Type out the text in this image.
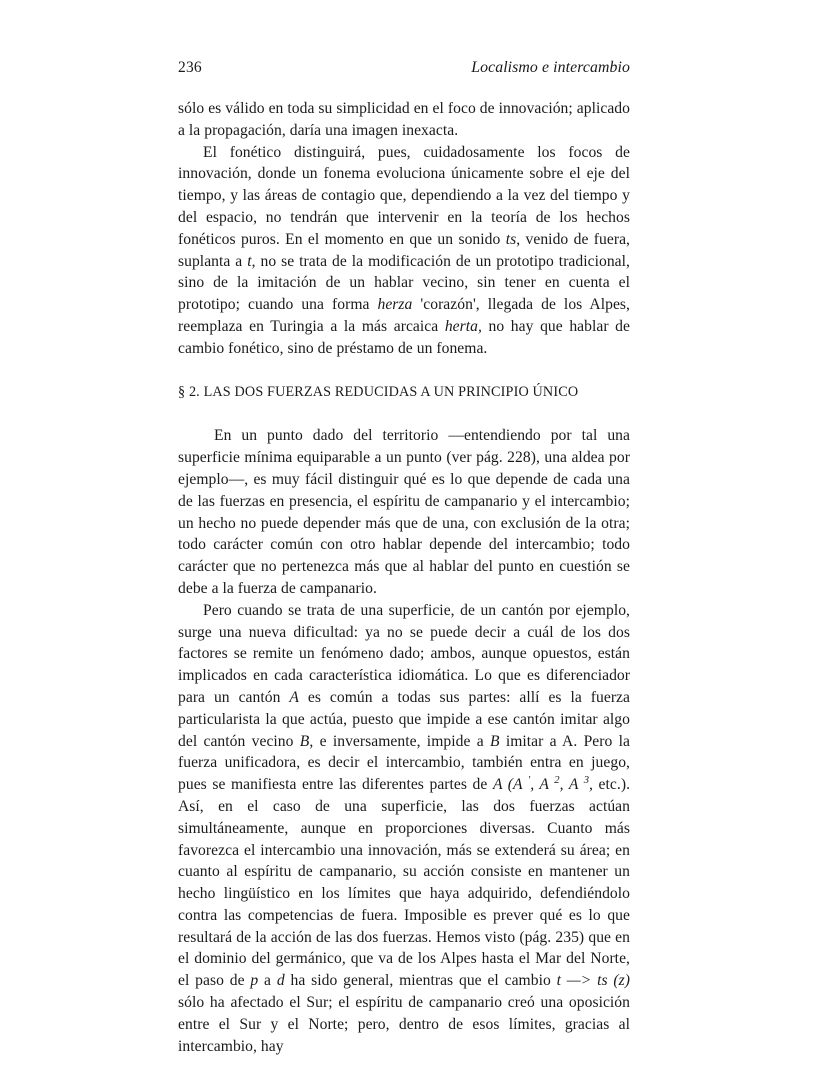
236	Localismo e intercambio

sólo es válido en toda su simplicidad en el foco de innovación; aplicado a la propagación, daría una imagen inexacta.

El fonético distinguirá, pues, cuidadosamente los focos de innovación, donde un fonema evoluciona únicamente sobre el eje del tiempo, y las áreas de contagio que, dependiendo a la vez del tiempo y del espacio, no tendrán que intervenir en la teoría de los hechos fonéticos puros. En el momento en que un sonido ts, venido de fuera, suplanta a t, no se trata de la modificación de un prototipo tradicional, sino de la imitación de un hablar vecino, sin tener en cuenta el prototipo; cuando una forma herza 'corazón', llegada de los Alpes, reemplaza en Turingia a la más arcaica herta, no hay que hablar de cambio fonético, sino de préstamo de un fonema.

§ 2. LAS DOS FUERZAS REDUCIDAS A UN PRINCIPIO ÚNICO

En un punto dado del territorio —entendiendo por tal una superficie mínima equiparable a un punto (ver pág. 228), una aldea por ejemplo—, es muy fácil distinguir qué es lo que depende de cada una de las fuerzas en presencia, el espíritu de campanario y el intercambio; un hecho no puede depender más que de una, con exclusión de la otra; todo carácter común con otro hablar depende del intercambio; todo carácter que no pertenezca más que al hablar del punto en cuestión se debe a la fuerza de campanario.

Pero cuando se trata de una superficie, de un cantón por ejemplo, surge una nueva dificultad: ya no se puede decir a cuál de los dos factores se remite un fenómeno dado; ambos, aunque opuestos, están implicados en cada característica idiomática. Lo que es diferenciador para un cantón A es común a todas sus partes: allí es la fuerza particularista la que actúa, puesto que impide a ese cantón imitar algo del cantón vecino B, e inversamente, impide a B imitar a A. Pero la fuerza unificadora, es decir el intercambio, también entra en juego, pues se manifiesta entre las diferentes partes de A (A ', A $^2$, A $^3$, etc.). Así, en el caso de una superficie, las dos fuerzas actúan simultáneamente, aunque en proporciones diversas. Cuanto más favorezca el intercambio una innovación, más se extenderá su área; en cuanto al espíritu de campanario, su acción consiste en mantener un hecho lingüístico en los límites que haya adquirido, defendiéndolo contra las competencias de fuera. Imposible es prever qué es lo que resultará de la acción de las dos fuerzas. Hemos visto (pág. 235) que en el dominio del germánico, que va de los Alpes hasta el Mar del Norte, el paso de p a d ha sido general, mientras que el cambio t —> ts (z) sólo ha afectado el Sur; el espíritu de campanario creó una oposición entre el Sur y el Norte; pero, dentro de esos límites, gracias al intercambio, hay
